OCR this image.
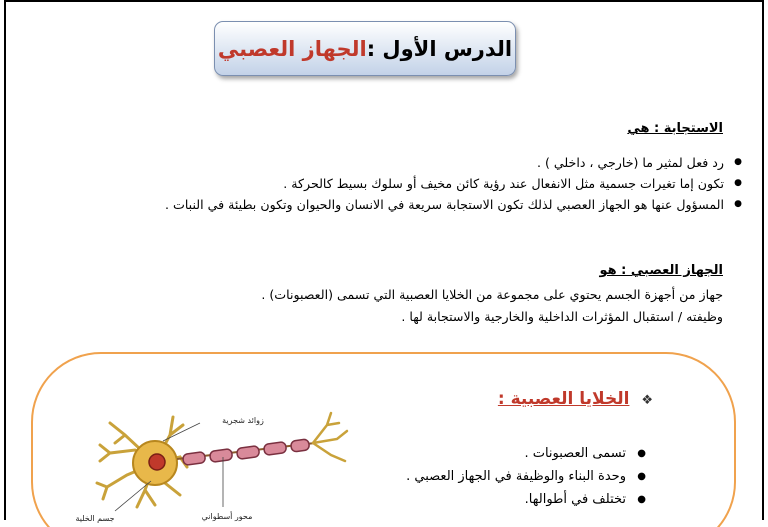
الدرس الأول :
الجهاز العصبي
الاستجابة : هي
● رد فعل لمثير ما (خارجي ، داخلي ) .
● تكون إما تغيرات جسمية مثل الانفعال عند رؤية كائن مخيف أو سلوك بسيط كالحركة .
● المسؤول عنها هو الجهاز العصبي لذلك تكون الاستجابة سريعة في الانسان والحيوان وتكون بطيئة في النبات .
الجهاز العصبي : هو
جهاز من أجهزة الجسم يحتوي على مجموعة من الخلايا العصبية التي تسمى (العصبونات) .
وظيفته / استقبال المؤثرات الداخلية والخارجية والاستجابة لها .
❖ الخلايا العصبية :
● تسمى العصبونات .
● وحدة البناء والوظيفة في الجهاز العصبي .
● تختلف في أطوالها.
زوائد شجرية
محور أسطواني
جسم الخلية
